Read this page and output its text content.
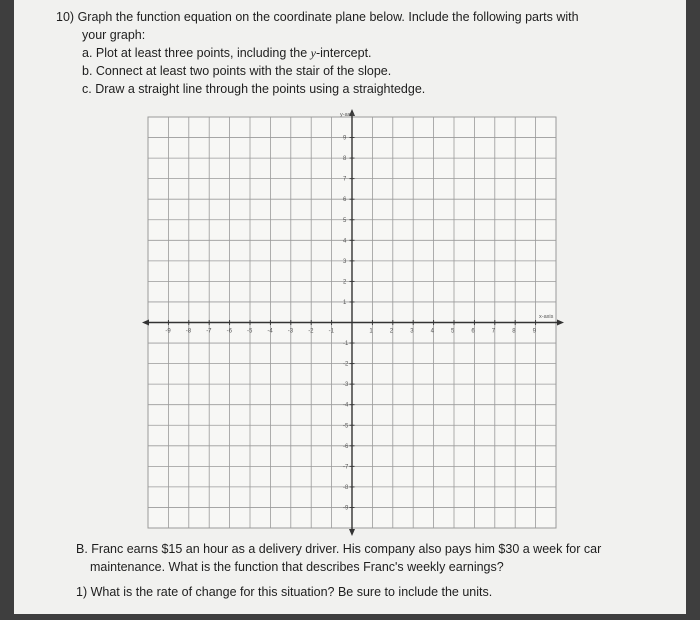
10) Graph the function equation on the coordinate plane below. Include the following parts with
your graph:
a. Plot at least three points, including the y-intercept.
b. Connect at least two points with the stair of the slope.
c. Draw a straight line through the points using a straightedge.
-9	-8	-7	-6	-5	-4	-3	-2	-1	1	2	3	4	5	6	7	8	9
9
8
7
6
5
4
3
2
1
-1
-2
-3
-4
-5
-6
-7
-8
-9
y-axis
x-axis
B. Franc earns $15 an hour as a delivery driver. His company also pays him $30 a week for car
maintenance. What is the function that describes Franc's weekly earnings?
1) What is the rate of change for this situation? Be sure to include the units.
